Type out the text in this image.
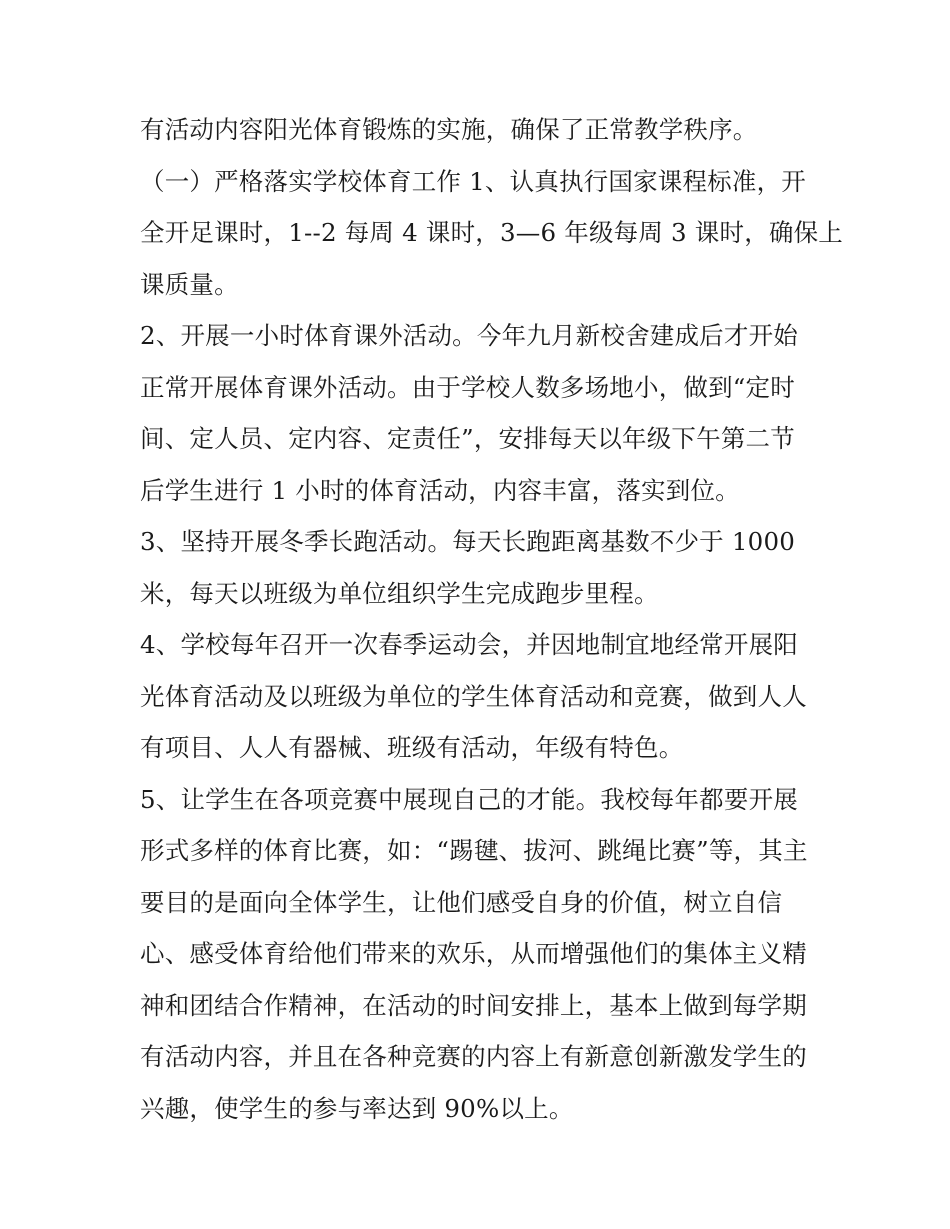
有活动内容阳光体育锻炼的实施，确保了正常教学秩序。
（一）严格落实学校体育工作 1、认真执行国家课程标准，开
全开足课时，1--2 每周 4 课时，3—6 年级每周 3 课时，确保上
课质量。
2、开展一小时体育课外活动。今年九月新校舍建成后才开始
正常开展体育课外活动。由于学校人数多场地小，做到“定时
间、定人员、定内容、定责任”，安排每天以年级下午第二节
后学生进行 1 小时的体育活动，内容丰富，落实到位。
3、坚持开展冬季长跑活动。每天长跑距离基数不少于 1000
米，每天以班级为单位组织学生完成跑步里程。
4、学校每年召开一次春季运动会，并因地制宜地经常开展阳
光体育活动及以班级为单位的学生体育活动和竞赛，做到人人
有项目、人人有器械、班级有活动，年级有特色。
5、让学生在各项竞赛中展现自己的才能。我校每年都要开展
形式多样的体育比赛，如：“踢毽、拔河、跳绳比赛”等，其主
要目的是面向全体学生，让他们感受自身的价值，树立自信
心、感受体育给他们带来的欢乐，从而增强他们的集体主义精
神和团结合作精神，在活动的时间安排上，基本上做到每学期
有活动内容，并且在各种竞赛的内容上有新意创新激发学生的
兴趣，使学生的参与率达到 90%以上。
